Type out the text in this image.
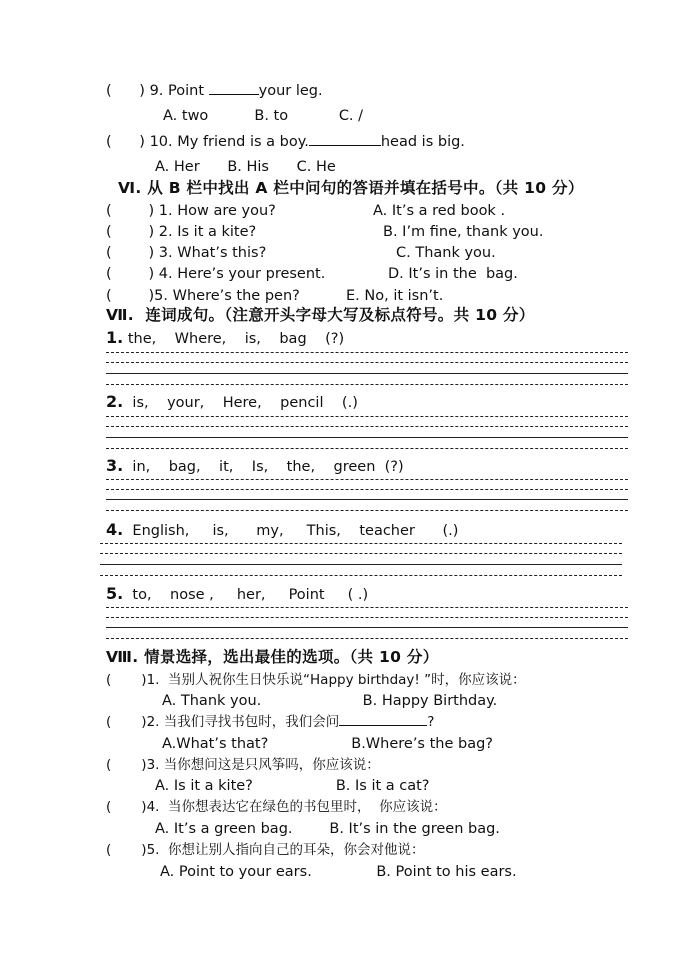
(      ) 9. Point	your leg.
A. two          B. to           C. /
(      ) 10. My friend is a boy.	head is big.
A. Her      B. His      C. He
Ⅵ. 从 B 栏中找出 A 栏中问句的答语并填在括号中。（共 10 分）
(        ) 1. How are you?	A. It’s a red book .
(        ) 2. Is it a kite?	B. I’m fine, thank you.
(        ) 3. What’s this?	C. Thank you.
(        ) 4. Here’s your present.	D. It’s in the  bag.
(        )5. Where’s the pen?	E. No, it isn’t.
Ⅶ.  连词成句。（注意开头字母大写及标点符号。共 10 分）
1. the,    Where,    is,    bag    (?)
2.  is,    your,    Here,    pencil    (.)
3.  in,    bag,    it,    Is,    the,    green  (?)
4.  English,     is,      my,     This,    teacher      (.)
5.  to,    nose ,     her,     Point     ( .)
Ⅷ. 情景选择，选出最佳的选项。（共 10 分）
(       )1.  当别人祝你生日快乐说“Happy birthday! ”时，你应该说：
A. Thank you.                      B. Happy Birthday.
(       )2. 当我们寻找书包时，我们会问	?
A.What’s that?                  B.Where’s the bag?
(       )3. 当你想问这是只风筝吗，你应该说：
A. Is it a kite?                  B. Is it a cat?
(       )4.  当你想表达它在绿色的书包里时，  你应该说：
A. It’s a green bag.        B. It’s in the green bag.
(       )5.  你想让别人指向自己的耳朵，你会对他说：
A. Point to your ears.              B. Point to his ears.
